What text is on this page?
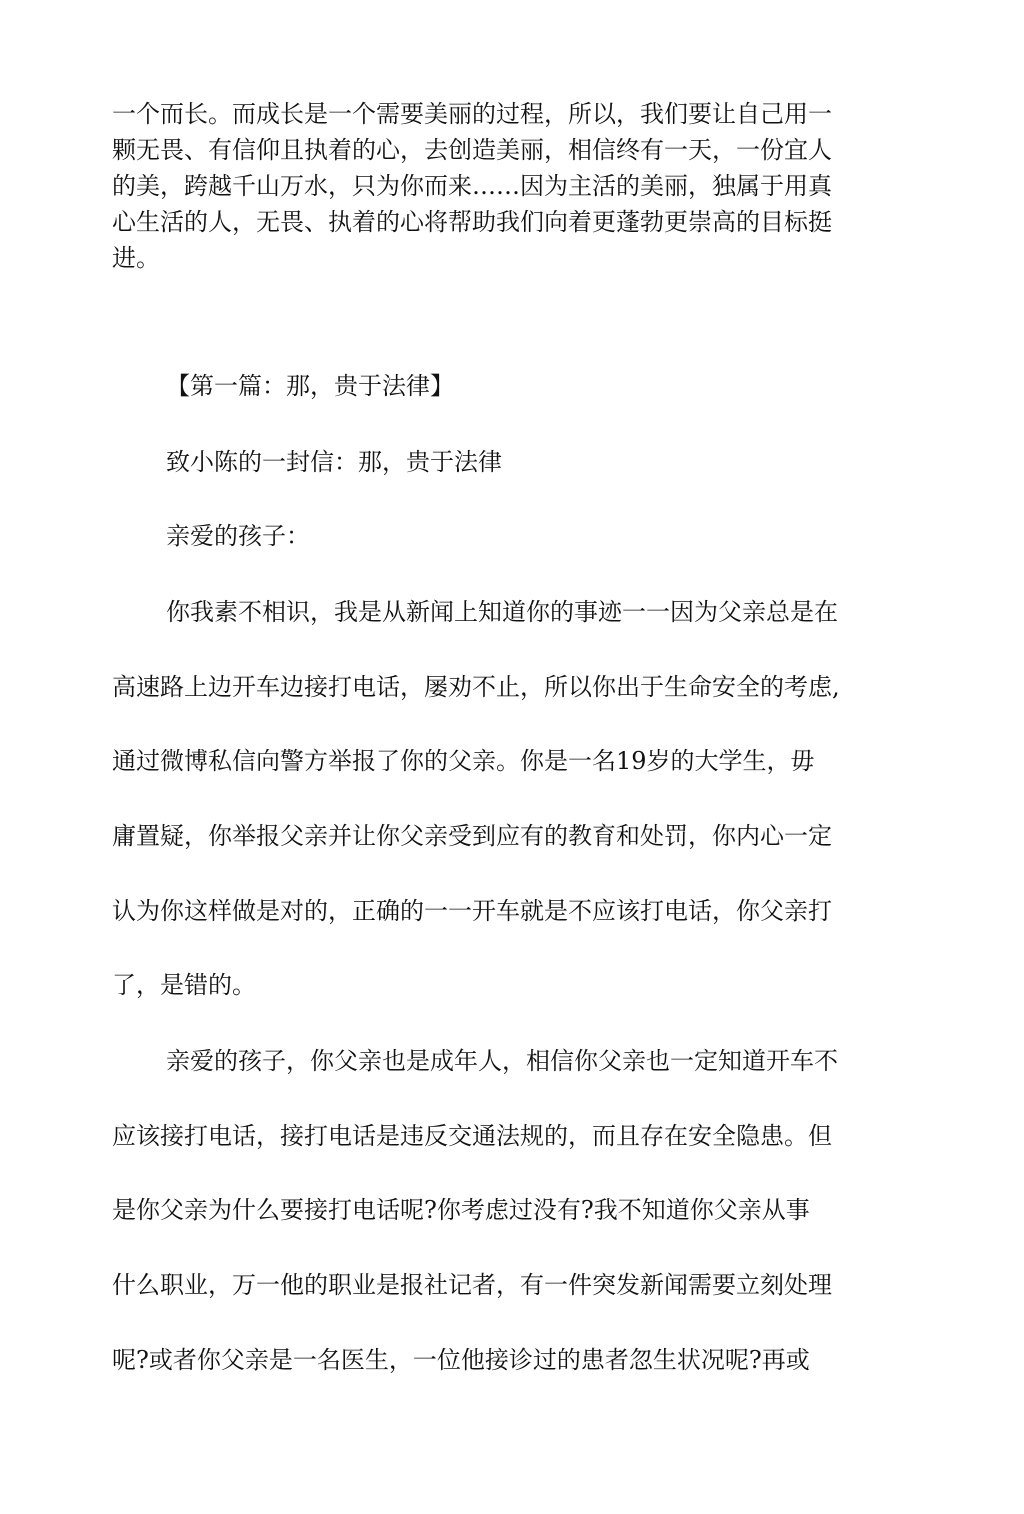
一个而长。而成长是一个需要美丽的过程，所以，我们要让自己用一
颗无畏、有信仰且执着的心，去创造美丽，相信终有一天，一份宜人
的美，跨越千山万水，只为你而来……因为主活的美丽，独属于用真
心生活的人，无畏、执着的心将帮助我们向着更蓬勃更崇高的目标挺
进。

【第一篇：那，贵于法律】

致小陈的一封信：那，贵于法律

亲爱的孩子：

你我素不相识，我是从新闻上知道你的事迹一一因为父亲总是在

高速路上边开车边接打电话，屡劝不止，所以你出于生命安全的考虑,

通过微博私信向警方举报了你的父亲。你是一名19岁的大学生，毋

庸置疑，你举报父亲并让你父亲受到应有的教育和处罚，你内心一定

认为你这样做是对的，正确的一一开车就是不应该打电话，你父亲打

了，是错的。

亲爱的孩子，你父亲也是成年人，相信你父亲也一定知道开车不

应该接打电话，接打电话是违反交通法规的，而且存在安全隐患。但

是你父亲为什么要接打电话呢?你考虑过没有?我不知道你父亲从事

什么职业，万一他的职业是报社记者，有一件突发新闻需要立刻处理

呢?或者你父亲是一名医生，一位他接诊过的患者忽生状况呢?再或
